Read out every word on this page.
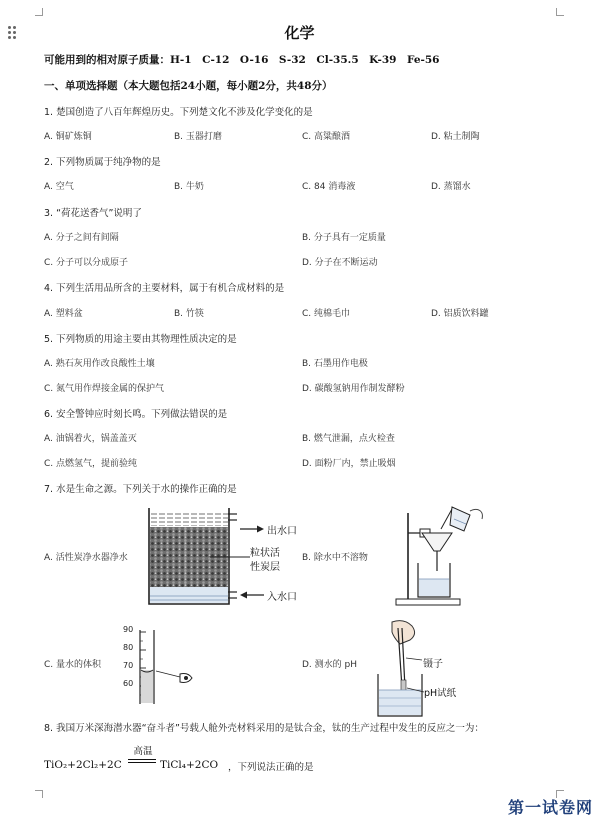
化学
可能用到的相对原子质量：H-1　C-12　O-16　S-32　Cl-35.5　K-39　Fe-56
一、单项选择题（本大题包括24小题，每小题2分，共48分）
1. 楚国创造了八百年辉煌历史。下列楚文化不涉及化学变化的是
A. 铜矿炼铜	B. 玉器打磨	C. 高粱酿酒	D. 粘土制陶
2. 下列物质属于纯净物的是
A. 空气	B. 牛奶	C. 84 消毒液	D. 蒸馏水
3. “荷花送香气”说明了
A. 分子之间有间隔	B. 分子具有一定质量
C. 分子可以分成原子	D. 分子在不断运动
4. 下列生活用品所含的主要材料，属于有机合成材料的是
A. 塑料盆	B. 竹筷	C. 纯棉毛巾	D. 铝质饮料罐
5. 下列物质的用途主要由其物理性质决定的是
A. 熟石灰用作改良酸性土壤	B. 石墨用作电极
C. 氮气用作焊接金属的保护气	D. 碳酸氢钠用作制发酵粉
6. 安全警钟应时刻长鸣。下列做法错误的是
A. 油锅着火，锅盖盖灭	B. 燃气泄漏，点火检查
C. 点燃氢气，提前验纯	D. 面粉厂内，禁止吸烟
7. 水是生命之源。下列关于水的操作正确的是
A. 活性炭净水器净水	B. 除水中不溶物
C. 量水的体积	D. 测水的 pH
出水口
粒状活
性炭层
入水口
90
80
70
60
镊子
pH试纸
8. 我国万米深海潜水器“奋斗者”号载人舱外壳材料采用的是钛合金，钛的生产过程中发生的反应之一为：
TiO₂+2Cl₂+2C
高温
TiCl₄+2CO ，下列说法正确的是
第一试卷网
